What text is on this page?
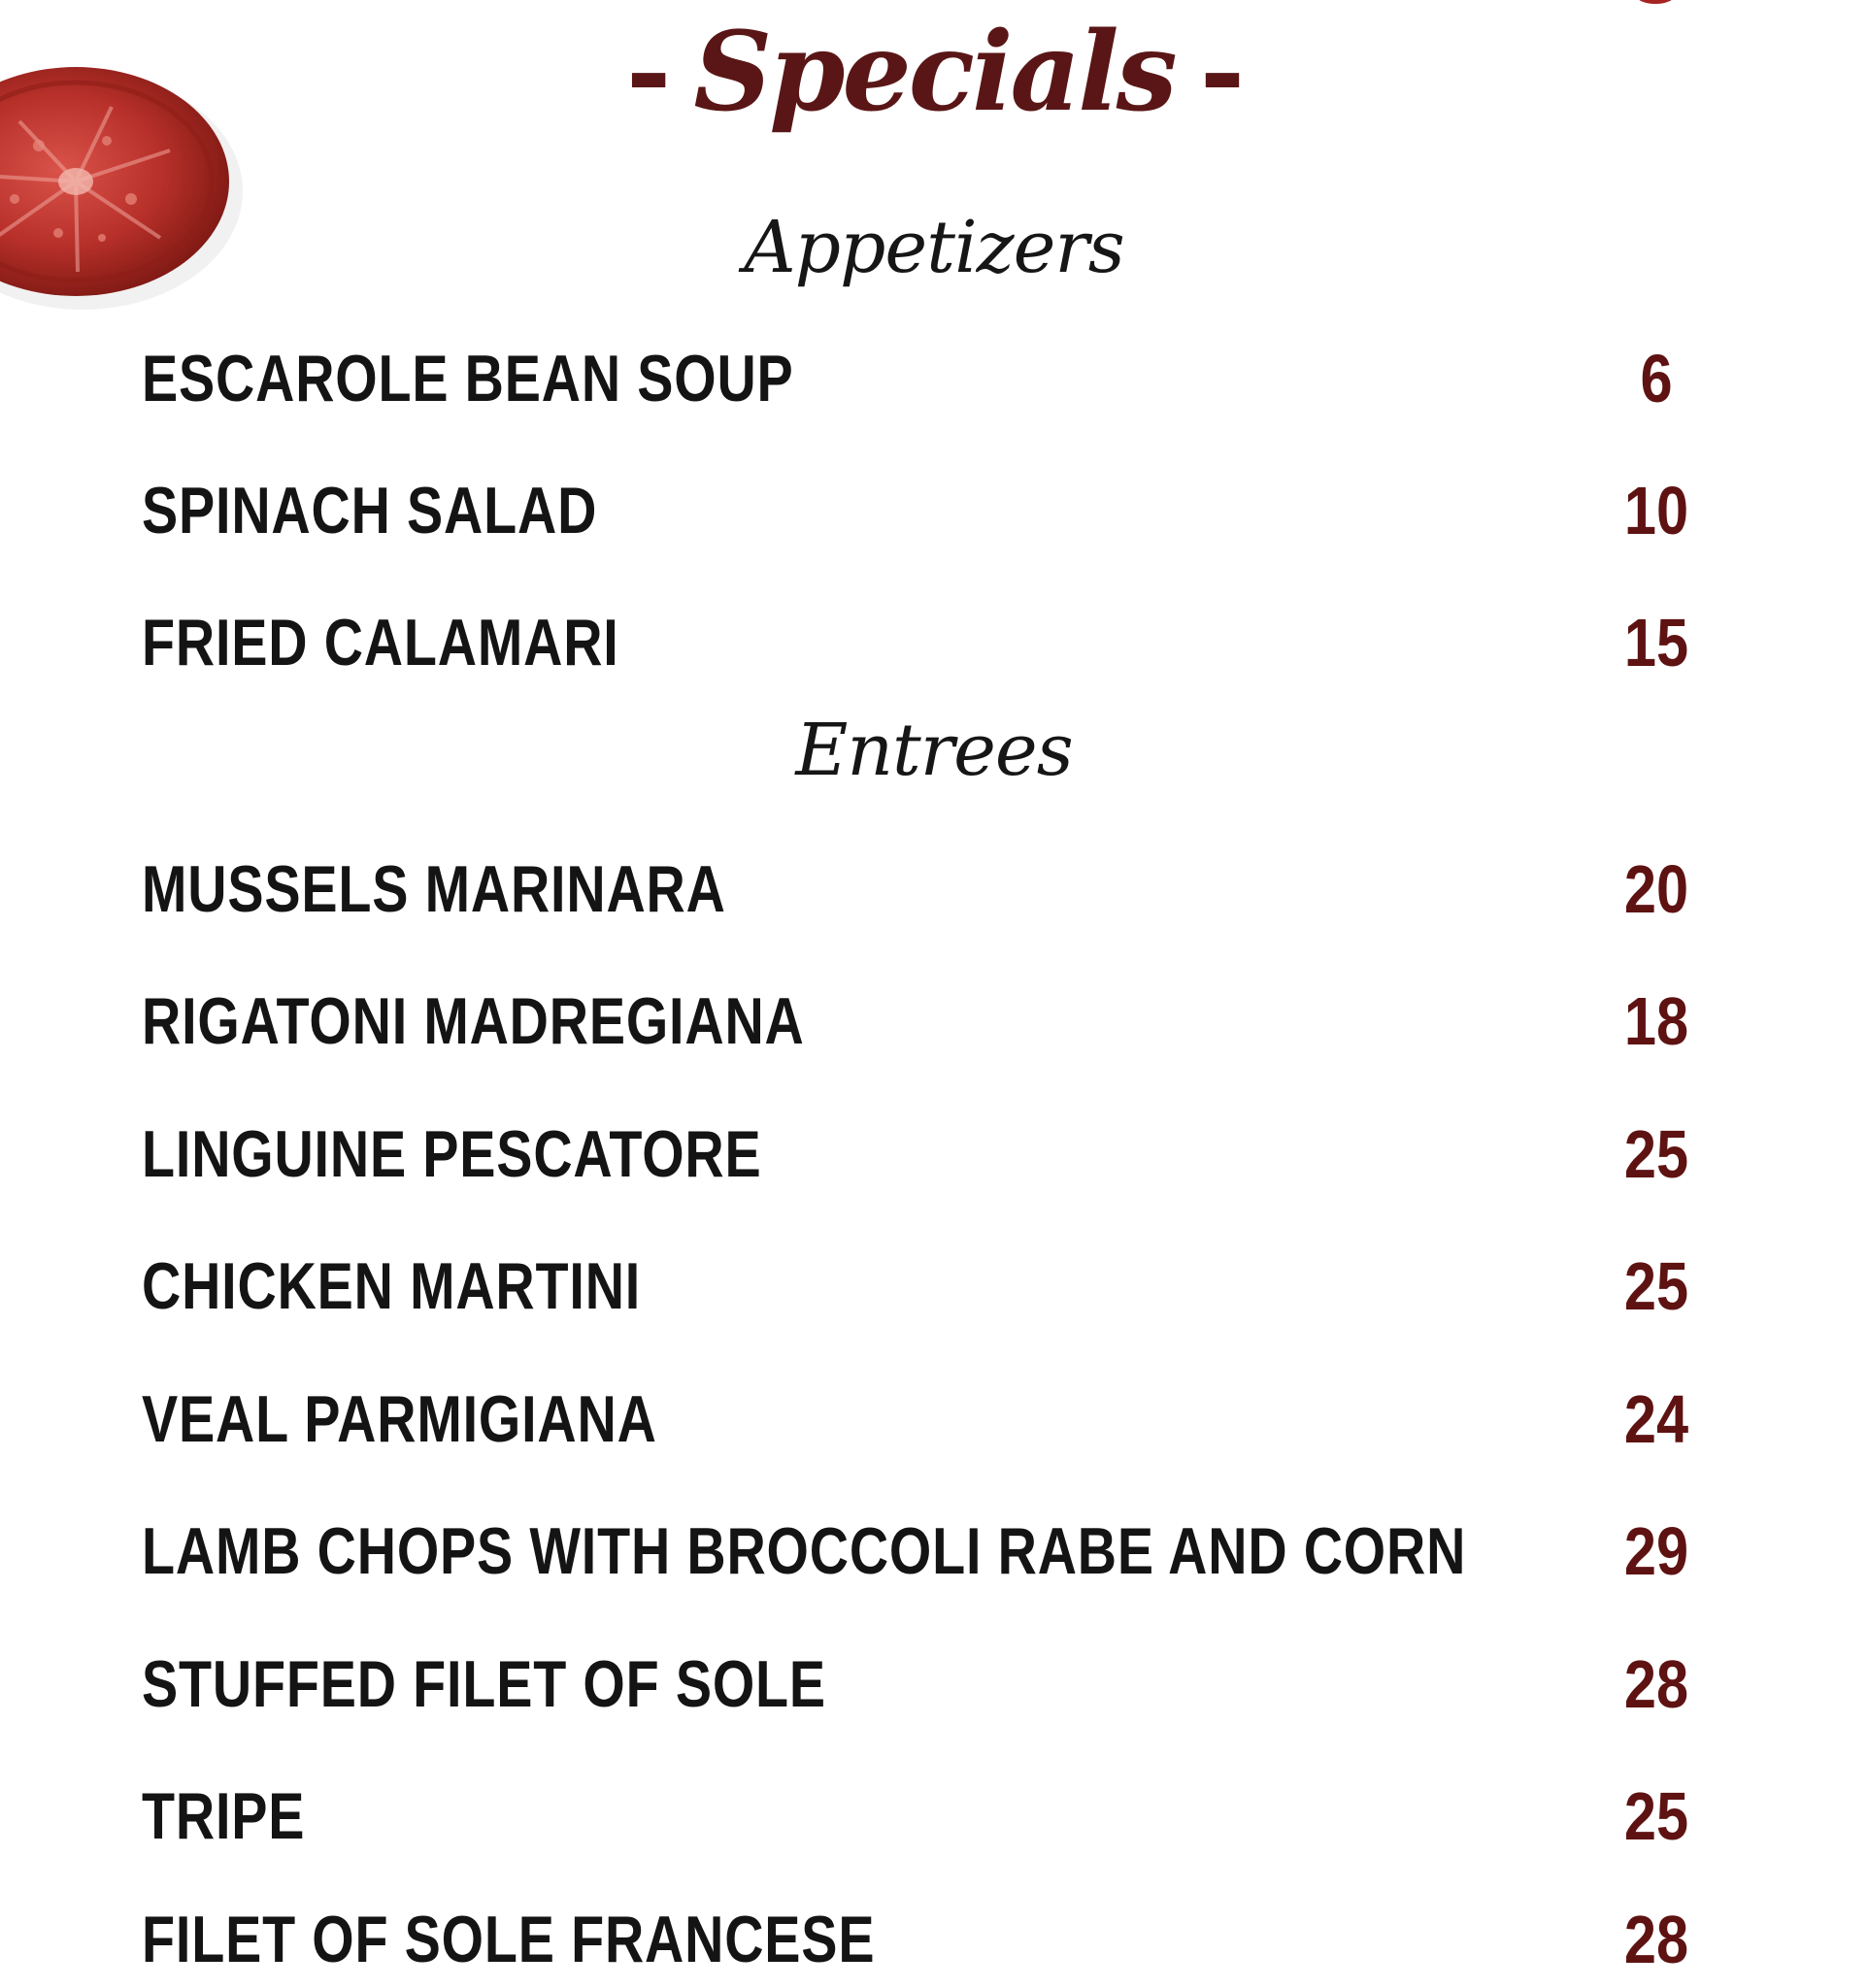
- Specials -
Appetizers
ESCAROLE BEAN SOUP	6
SPINACH SALAD	10
FRIED CALAMARI	15
Entrees
MUSSELS MARINARA	20
RIGATONI MADREGIANA	18
LINGUINE PESCATORE	25
CHICKEN MARTINI	25
VEAL PARMIGIANA	24
LAMB CHOPS WITH BROCCOLI RABE AND CORN 29
STUFFED FILET OF SOLE	28
TRIPE	25
FILET OF SOLE FRANCESE	28
